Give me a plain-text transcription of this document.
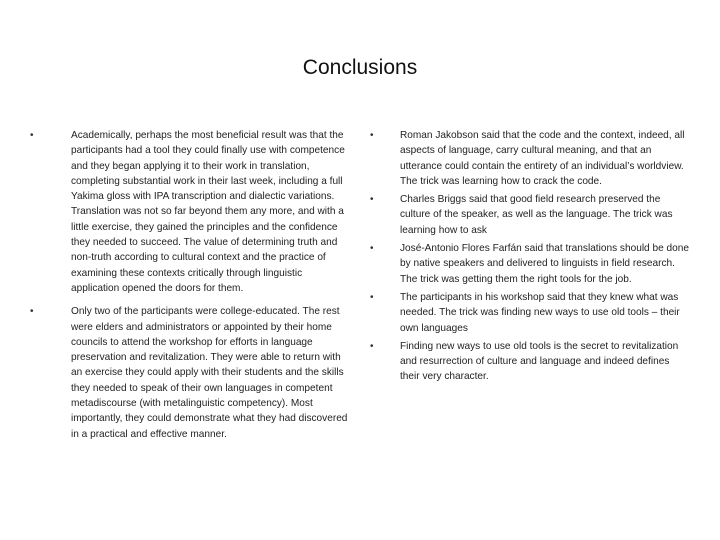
Conclusions
•	Academically, perhaps the most beneficial result was that the participants had a tool they could finally use with competence and they began applying it to their work in translation, completing substantial work in their last week, including a full Yakima gloss with IPA transcription and dialectic variations. Translation was not so far beyond them any more, and with a little exercise, they gained the principles and the confidence they needed to succeed. The value of determining truth and non-truth according to cultural context and the practice of examining these contexts critically through linguistic application opened the doors for them.
•	Only two of the participants were college-educated. The rest were elders and administrators or appointed by their home councils to attend the workshop for efforts in language preservation and revitalization. They were able to return with an exercise they could apply with their students and the skills they needed to speak of their own languages in competent metadiscourse (with metalinguistic competency). Most importantly, they could demonstrate what they had discovered in a practical and effective manner.
•	Roman Jakobson said that the code and the context, indeed, all aspects of language, carry cultural meaning, and that an utterance could contain the entirety of an individual’s worldview. The trick was learning how to crack the code.
•	Charles Briggs said that good field research preserved the culture of the speaker, as well as the language. The trick was learning how to ask
•	José-Antonio Flores Farfán said that translations should be done by native speakers and delivered to linguists in field research. The trick was getting them the right tools for the job.
•	The participants in his workshop said that they knew what was needed. The trick was finding new ways to use old tools – their own languages
•	Finding new ways to use old tools is the secret to revitalization and resurrection of culture and language and indeed defines their very character.
